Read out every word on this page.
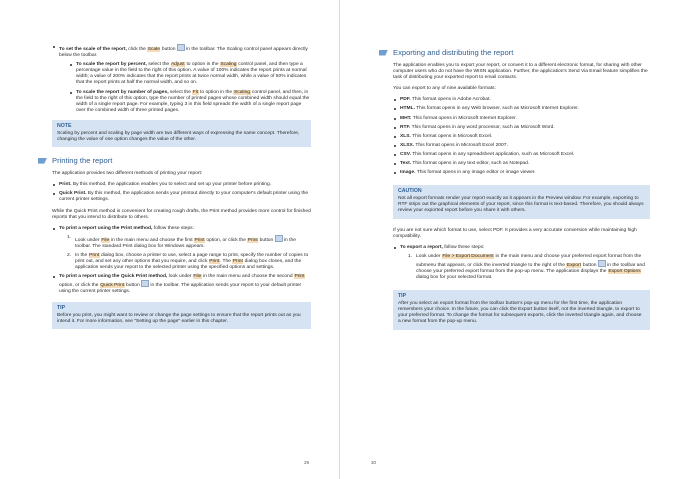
To set the scale of the report, click the Scale button  in the toolbar. The Scaling control panel appears directly below the toolbar.
To scale the report by percent, select the Adjust to option in the Scaling control panel, and then type a percentage value in the field to the right of this option. A value of 100% indicates the report prints at normal width; a value of 200% indicates that the report prints at twice normal width, while a value of 50% indicates that the report prints at half the normal width, and so on.
To scale the report by number of pages, select the Fit to option in the Scaling control panel, and then, in the field to the right of this option, type the number of printed pages whose combined width should equal the width of a single report page. For example, typing 3 in this field spreads the width of a single report page over the combined width of three printed pages.
NOTE

Scaling by percent and scaling by page width are two different ways of expressing the same concept. Therefore, changing the value of one option changes the value of the other.

Printing the report

The application provides two different methods of printing your report:

Print. By this method, the application enables you to select and set up your printer before printing.
Quick Print. By this method, the application sends your printout directly to your computer's default printer using the current printer settings.

While the Quick Print method is convenient for creating rough drafts, the Print method provides more control for finished reports that you intend to distribute to others.

To print a report using the Print method, follow these steps:
1.
Look under File in the main menu and choose the first Print option, or click the Print button  in the toolbar. The standard Print dialog box for Windows appears.
2. In the Print dialog box, choose a printer to use, select a page range to print, specify the number of copies to print out, and set any other options that you require, and click Print. The Print dialog box closes, and the application sends your report to the selected printer using the specified options and settings.
To print a report using the Quick Print method, look under File in the main menu and choose the second Print option, or click the Quick Print button  in the toolbar. The application sends your report to your default printer using the current printer settings.
TIP

Before you print, you might want to review or change the page settings to ensure that the report prints out as you intend it. For more information, see "Setting up the page" earlier in this chapter.

29
Exporting and distributing the report

The application enables you to export your report, or convert it to a different electronic format, for sharing with other computer users who do not have the WISN application. Further, the application's Send Via Email feature simplifies the task of distributing your exported report to email contacts.

You can export to any of nine available formats:

PDF. This format opens in Adobe Acrobat.
HTML. This format opens in any Web browser, such as Microsoft Internet Explorer.
MHT. This format opens in Microsoft Internet Explorer.
RTF. This format opens in any word processor, such as Microsoft Word.
XLS. This format opens in Microsoft Excel.
XLSX. This format opens in Microsoft Excel 2007.
CSV. This format opens in any spreadsheet application, such as Microsoft Excel.
Text. This format opens in any text editor, such as Notepad.
Image. This format opens in any image editor or image viewer.
CAUTION

Not all export formats render your report exactly as it appears in the Preview window. For example, exporting to RTF strips out the graphical elements of your report, since this format is text-based. Therefore, you should always review your exported report before you share it with others.

If you are not sure which format to use, select PDF. It provides a very accurate conversion while maintaining high compatibility.

To export a report, follow these steps:
1. Look under File > Export Document in the main menu and choose your preferred export format from the submenu that appears, or click the inverted triangle to the right of the Export button  in the toolbar and choose your preferred export format from the pop-up menu. The application displays the Export Options dialog box for your selected format.
TIP

After you select an export format from the toolbar button's pop-up menu for the first time, the application remembers your choice. In the future, you can click the Export button itself, not the inverted triangle, to export to your preferred format. To change the format for subsequent exports, click the inverted triangle again, and choose a new format from the pop-up menu.

30
